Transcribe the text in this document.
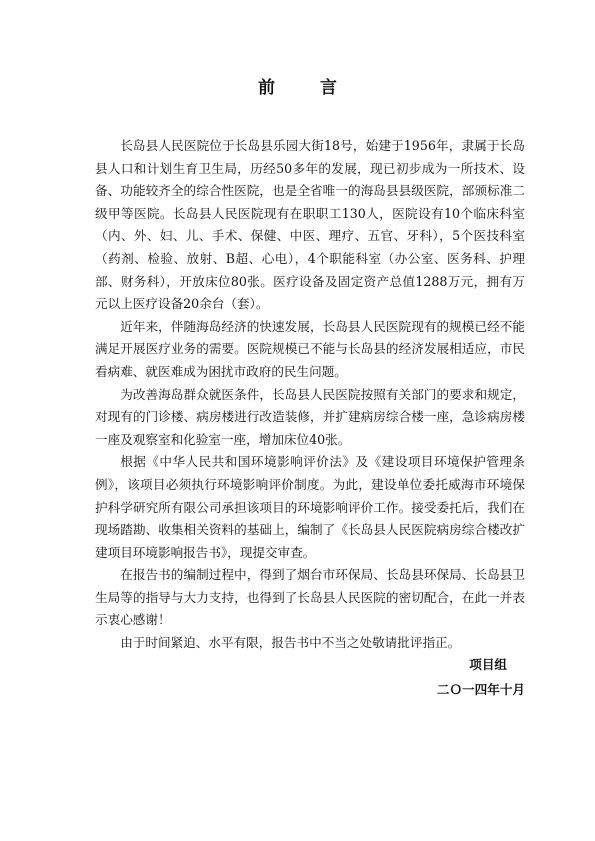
前　言

长岛县人民医院位于长岛县乐园大街18号，始建于1956年，隶属于长岛县人口和计划生育卫生局，历经50多年的发展，现已初步成为一所技术、设备、功能较齐全的综合性医院，也是全省唯一的海岛县县级医院，部颁标准二级甲等医院。长岛县人民医院现有在职职工130人，医院设有10个临床科室（内、外、妇、儿、手术、保健、中医、理疗、五官、牙科），5个医技科室（药剂、检验、放射、B超、心电），4个职能科室（办公室、医务科、护理部、财务科），开放床位80张。医疗设备及固定资产总值1288万元，拥有万元以上医疗设备20余台（套）。

近年来，伴随海岛经济的快速发展，长岛县人民医院现有的规模已经不能满足开展医疗业务的需要。医院规模已不能与长岛县的经济发展相适应，市民看病难、就医难成为困扰市政府的民生问题。

为改善海岛群众就医条件，长岛县人民医院按照有关部门的要求和规定，对现有的门诊楼、病房楼进行改造装修，并扩建病房综合楼一座，急诊病房楼一座及观察室和化验室一座，增加床位40张。

根据《中华人民共和国环境影响评价法》及《建设项目环境保护管理条例》，该项目必须执行环境影响评价制度。为此，建设单位委托威海市环境保护科学研究所有限公司承担该项目的环境影响评价工作。接受委托后，我们在现场踏勘、收集相关资料的基础上，编制了《长岛县人民医院病房综合楼改扩建项目环境影响报告书》，现提交审查。

在报告书的编制过程中，得到了烟台市环保局、长岛县环保局、长岛县卫生局等的指导与大力支持，也得到了长岛县人民医院的密切配合，在此一并表示衷心感谢！

由于时间紧迫、水平有限，报告书中不当之处敬请批评指正。

项目组
二Ｏ一四年十月
